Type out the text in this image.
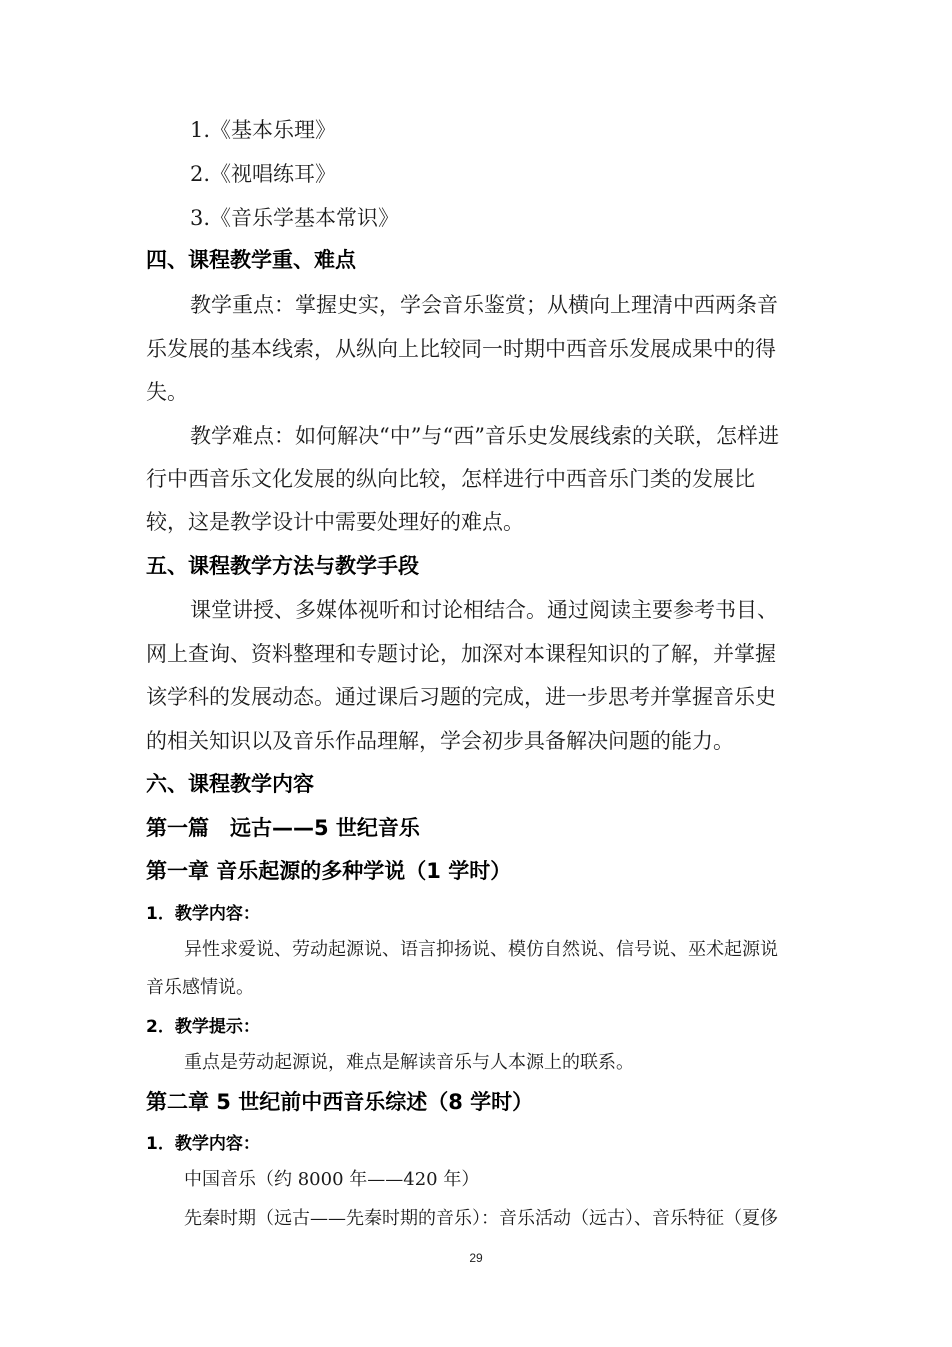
1.《基本乐理》
2.《视唱练耳》
3.《音乐学基本常识》
四、课程教学重、难点
教学重点：掌握史实，学会音乐鉴赏；从横向上理清中西两条音
乐发展的基本线索，从纵向上比较同一时期中西音乐发展成果中的得
失。
教学难点：如何解决“中”与“西”音乐史发展线索的关联，怎样进
行中西音乐文化发展的纵向比较，怎样进行中西音乐门类的发展比
较，这是教学设计中需要处理好的难点。
五、课程教学方法与教学手段
课堂讲授、多媒体视听和讨论相结合。通过阅读主要参考书目、
网上查询、资料整理和专题讨论，加深对本课程知识的了解，并掌握
该学科的发展动态。通过课后习题的完成，进一步思考并掌握音乐史
的相关知识以及音乐作品理解，学会初步具备解决问题的能力。
六、课程教学内容
第一篇　远古——5 世纪音乐
第一章 音乐起源的多种学说（1 学时）
1．教学内容：
异性求爱说、劳动起源说、语言抑扬说、模仿自然说、信号说、巫术起源说
音乐感情说。
2．教学提示：
重点是劳动起源说，难点是解读音乐与人本源上的联系。
第二章 5 世纪前中西音乐综述（8 学时）
1．教学内容：
中国音乐（约 8000 年——420 年）
先秦时期（远古——先秦时期的音乐）：音乐活动（远古）、音乐特征（夏侈
29
